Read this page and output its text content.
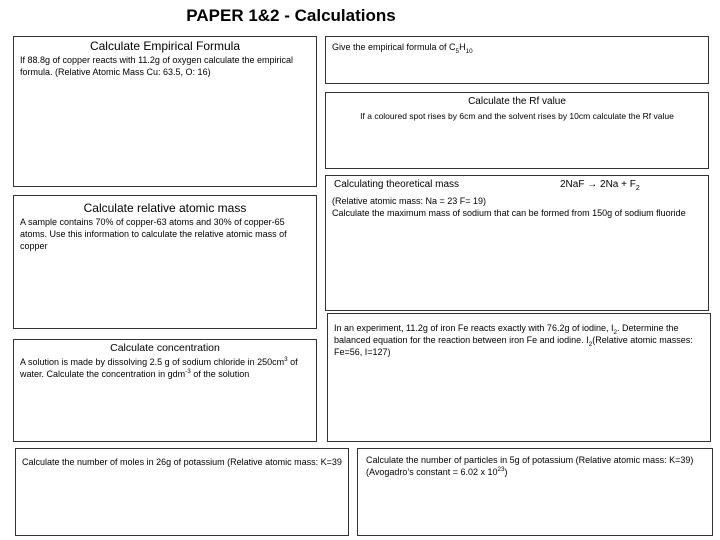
PAPER 1&2 - Calculations
Calculate Empirical Formula
If 88.8g of copper reacts with 11.2g of oxygen calculate the empirical formula. (Relative Atomic Mass Cu: 63.5, O: 16)
Give the empirical formula of $C_5H_{10}$
Calculate the Rf value
If a coloured spot rises by 6cm and the solvent rises by 10cm calculate the Rf value
Calculating theoretical mass	$2NaF \to 2Na + F_2$
(Relative atomic mass: Na = 23 F= 19)
Calculate the maximum mass of sodium that can be formed from 150g of sodium fluoride
Calculate relative atomic mass
A sample contains 70% of copper-63 atoms and 30% of copper-65 atoms. Use this information to calculate the relative atomic mass of copper
Calculate concentration
A solution is made by dissolving 2.5 g of sodium chloride in $250cm^3$ of water. Calculate the concentration in gdm$^{-3}$ of the solution
In an experiment, 11.2g of iron Fe reacts exactly with 76.2g of iodine, $I_2$. Determine the balanced equation for the reaction between iron Fe and iodine. $I_2(Relative$ atomic masses: Fe=56, I=127)
Calculate the number of moles in 26g of potassium (Relative atomic mass: K=39	Calculate the number of particles in 5g of potassium (Relative atomic mass: K=39) (Avogadro’s constant = 6.02 x $10^{23}$)
